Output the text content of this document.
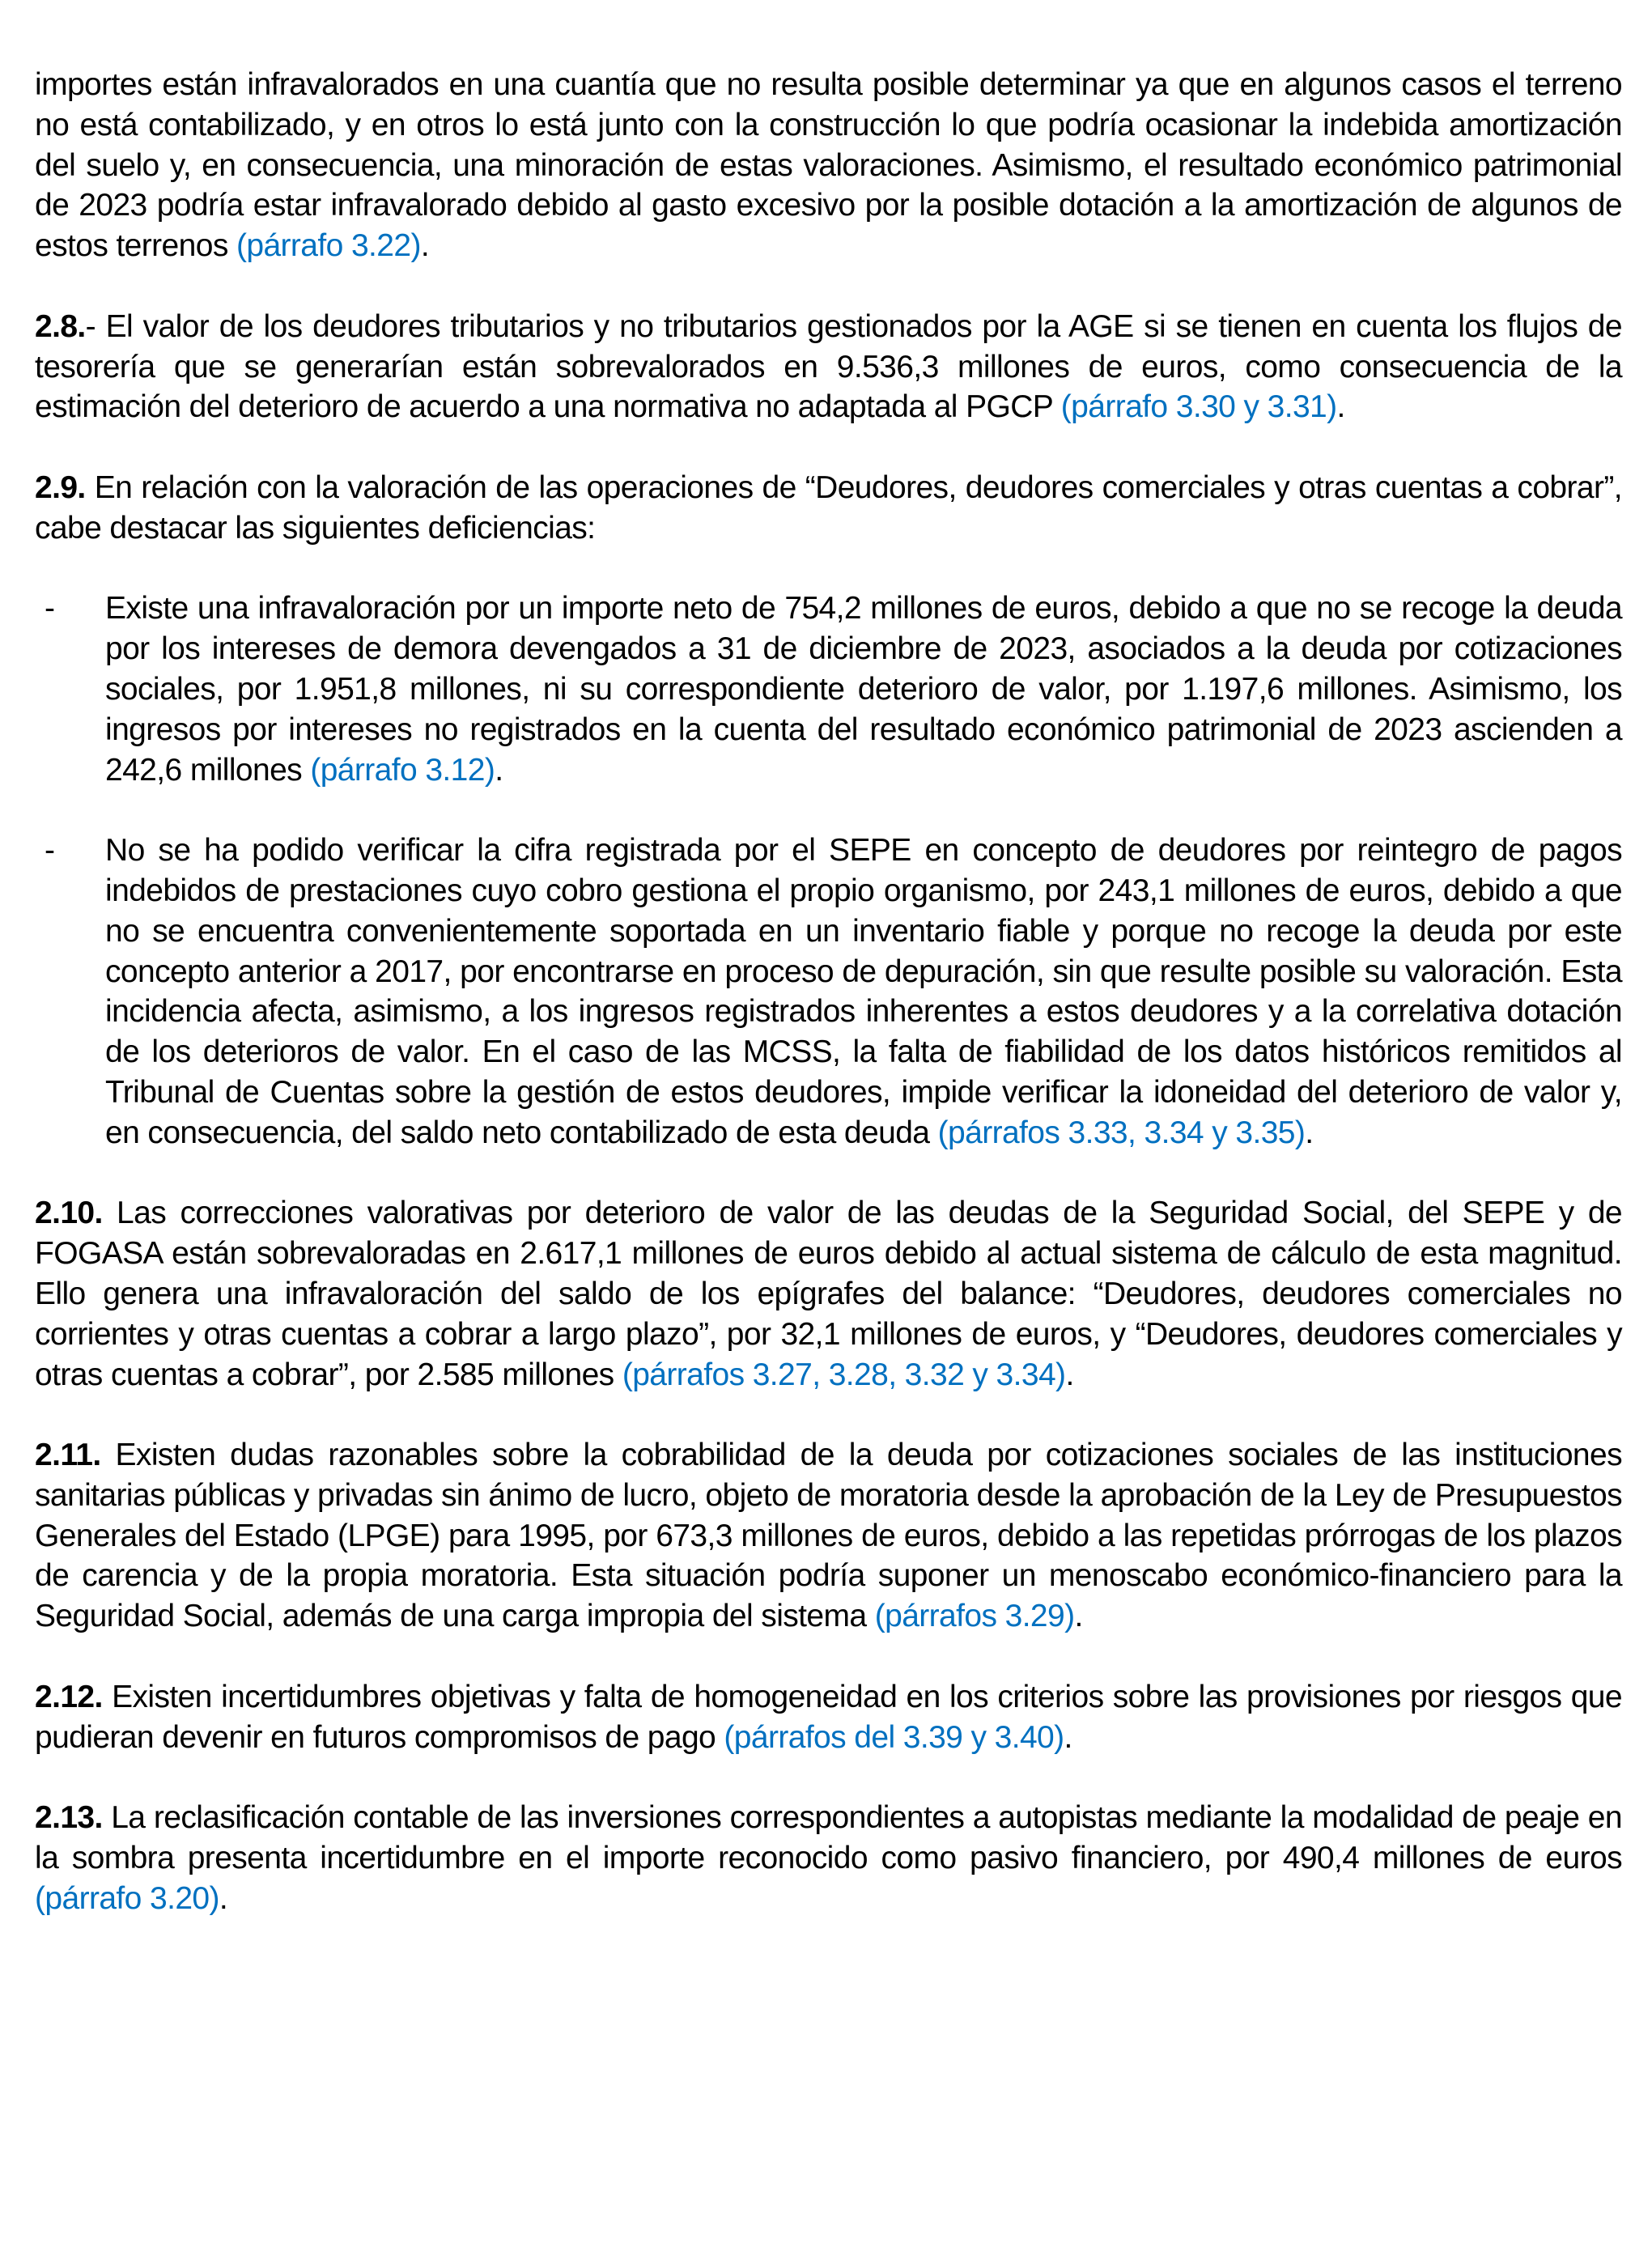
importes están infravalorados en una cuantía que no resulta posible determinar ya que en algunos casos el terreno no está contabilizado, y en otros lo está junto con la construcción lo que podría ocasionar la indebida amortización del suelo y, en consecuencia, una minoración de estas valoraciones. Asimismo, el resultado económico patrimonial de 2023 podría estar infravalorado debido al gasto excesivo por la posible dotación a la amortización de algunos de estos terrenos (párrafo 3.22).

2.8.- El valor de los deudores tributarios y no tributarios gestionados por la AGE si se tienen en cuenta los flujos de tesorería que se generarían están sobrevalorados en 9.536,3 millones de euros, como consecuencia de la estimación del deterioro de acuerdo a una normativa no adaptada al PGCP (párrafo 3.30 y 3.31).

2.9. En relación con la valoración de las operaciones de “Deudores, deudores comerciales y otras cuentas a cobrar”, cabe destacar las siguientes deficiencias:

- Existe una infravaloración por un importe neto de 754,2 millones de euros, debido a que no se recoge la deuda por los intereses de demora devengados a 31 de diciembre de 2023, asociados a la deuda por cotizaciones sociales, por 1.951,8 millones, ni su correspondiente deterioro de valor, por 1.197,6 millones. Asimismo, los ingresos por intereses no registrados en la cuenta del resultado económico patrimonial de 2023 ascienden a 242,6 millones (párrafo 3.12).
- No se ha podido verificar la cifra registrada por el SEPE en concepto de deudores por reintegro de pagos indebidos de prestaciones cuyo cobro gestiona el propio organismo, por 243,1 millones de euros, debido a que no se encuentra convenientemente soportada en un inventario fiable y porque no recoge la deuda por este concepto anterior a 2017, por encontrarse en proceso de depuración, sin que resulte posible su valoración. Esta incidencia afecta, asimismo, a los ingresos registrados inherentes a estos deudores y a la correlativa dotación de los deterioros de valor. En el caso de las MCSS, la falta de fiabilidad de los datos históricos remitidos al Tribunal de Cuentas sobre la gestión de estos deudores, impide verificar la idoneidad del deterioro de valor y, en consecuencia, del saldo neto contabilizado de esta deuda (párrafos 3.33, 3.34 y 3.35).

2.10. Las correcciones valorativas por deterioro de valor de las deudas de la Seguridad Social, del SEPE y de FOGASA están sobrevaloradas en 2.617,1 millones de euros debido al actual sistema de cálculo de esta magnitud. Ello genera una infravaloración del saldo de los epígrafes del balance: “Deudores, deudores comerciales no corrientes y otras cuentas a cobrar a largo plazo”, por 32,1 millones de euros, y “Deudores, deudores comerciales y otras cuentas a cobrar”, por 2.585 millones (párrafos 3.27, 3.28, 3.32 y 3.34).

2.11. Existen dudas razonables sobre la cobrabilidad de la deuda por cotizaciones sociales de las instituciones sanitarias públicas y privadas sin ánimo de lucro, objeto de moratoria desde la aprobación de la Ley de Presupuestos Generales del Estado (LPGE) para 1995, por 673,3 millones de euros, debido a las repetidas prórrogas de los plazos de carencia y de la propia moratoria. Esta situación podría suponer un menoscabo económico-financiero para la Seguridad Social, además de una carga impropia del sistema (párrafos 3.29).

2.12. Existen incertidumbres objetivas y falta de homogeneidad en los criterios sobre las provisiones por riesgos que pudieran devenir en futuros compromisos de pago (párrafos del 3.39 y 3.40).

2.13. La reclasificación contable de las inversiones correspondientes a autopistas mediante la modalidad de peaje en la sombra presenta incertidumbre en el importe reconocido como pasivo financiero, por 490,4 millones de euros (párrafo 3.20).
